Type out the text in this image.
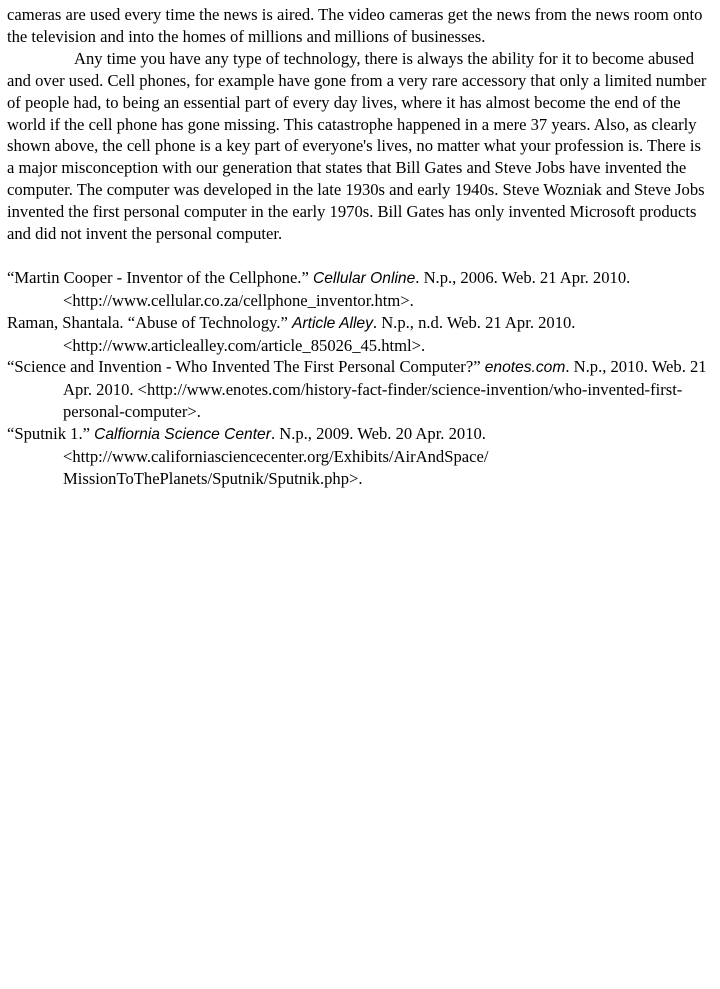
cameras are used every time the news is aired. The video cameras get the news from the news room onto the television and into the homes of millions and millions of businesses.

Any time you have any type of technology, there is always the ability for it to become abused and over used. Cell phones, for example have gone from a very rare accessory that only a limited number of people had, to being an essential part of every day lives, where it has almost become the end of the world if the cell phone has gone missing. This catastrophe happened in a mere 37 years. Also, as clearly shown above, the cell phone is a key part of everyone's lives, no matter what your profession is. There is a major misconception with our generation that states that Bill Gates and Steve Jobs have invented the computer. The computer was developed in the late 1930s and early 1940s. Steve Wozniak and Steve Jobs invented the first personal computer in the early 1970s. Bill Gates has only invented Microsoft products and did not invent the personal computer.

“Martin Cooper - Inventor of the Cellphone.” Cellular Online. N.p., 2006. Web. 21 Apr. 2010. <http://www.cellular.co.za/cellphone_inventor.htm>.

Raman, Shantala. “Abuse of Technology.” Article Alley. N.p., n.d. Web. 21 Apr. 2010. <http://www.articlealley.com/article_85026_45.html>.

“Science and Invention - Who Invented The First Personal Computer?” enotes.com. N.p., 2010. Web. 21 Apr. 2010. <http://www.enotes.com/history-fact-finder/science-invention/who-invented-first-personal-computer>.

“Sputnik 1.” Calfiornia Science Center. N.p., 2009. Web. 20 Apr. 2010. <http://www.californiasciencecenter.org/Exhibits/AirAndSpace/ MissionToThePlanets/Sputnik/Sputnik.php>.
